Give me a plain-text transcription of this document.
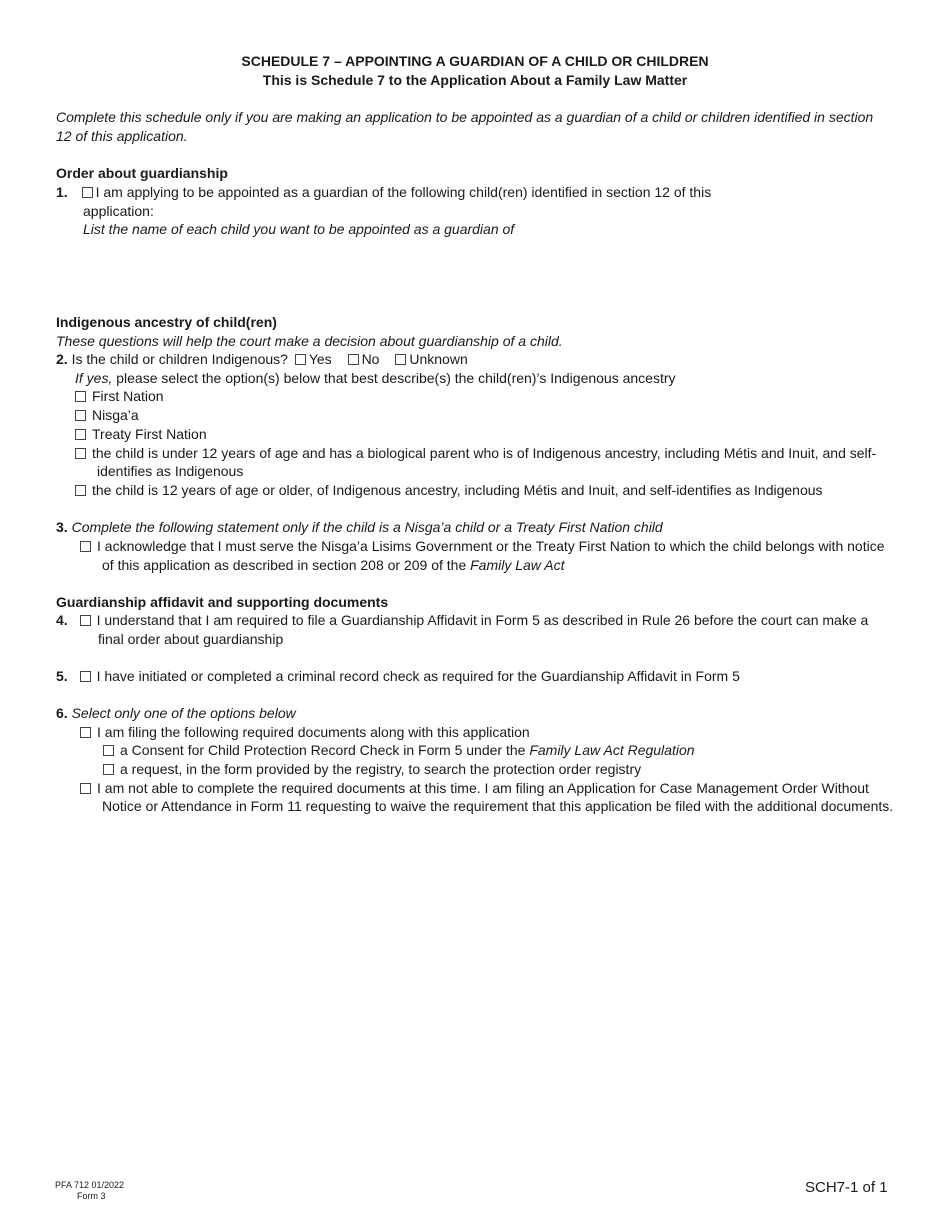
SCHEDULE 7 – APPOINTING A GUARDIAN OF A CHILD OR CHILDREN
This is Schedule 7 to the Application About a Family Law Matter
Complete this schedule only if you are making an application to be appointed as a guardian of a child or children identified in section
12 of this application.
Order about guardianship
1. I am applying to be appointed as a guardian of the following child(ren) identified in section 12 of this
application:
List the name of each child you want to be appointed as a guardian of
Indigenous ancestry of child(ren)
These questions will help the court make a decision about guardianship of a child.
2. Is the child or children Indigenous? Yes No Unknown
If yes, please select the option(s) below that best describe(s) the child(ren)’s Indigenous ancestry
First Nation
Nisga’a
Treaty First Nation
the child is under 12 years of age and has a biological parent who is of Indigenous ancestry, including Métis and Inuit, and self-
identifies as Indigenous
the child is 12 years of age or older, of Indigenous ancestry, including Métis and Inuit, and self-identifies as Indigenous
3. Complete the following statement only if the child is a Nisga’a child or a Treaty First Nation child
I acknowledge that I must serve the Nisga’a Lisims Government or the Treaty First Nation to which the child belongs with notice
of this application as described in section 208 or 209 of the Family Law Act
Guardianship affidavit and supporting documents
4. I understand that I am required to file a Guardianship Affidavit in Form 5 as described in Rule 26 before the court can make a
final order about guardianship
5. I have initiated or completed a criminal record check as required for the Guardianship Affidavit in Form 5
6. Select only one of the options below
I am filing the following required documents along with this application
a Consent for Child Protection Record Check in Form 5 under the Family Law Act Regulation
a request, in the form provided by the registry, to search the protection order registry
I am not able to complete the required documents at this time. I am filing an Application for Case Management Order Without
Notice or Attendance in Form 11 requesting to waive the requirement that this application be filed with the additional documents.
PFA 712 01/2022
Form 3	SCH7-1 of 1
